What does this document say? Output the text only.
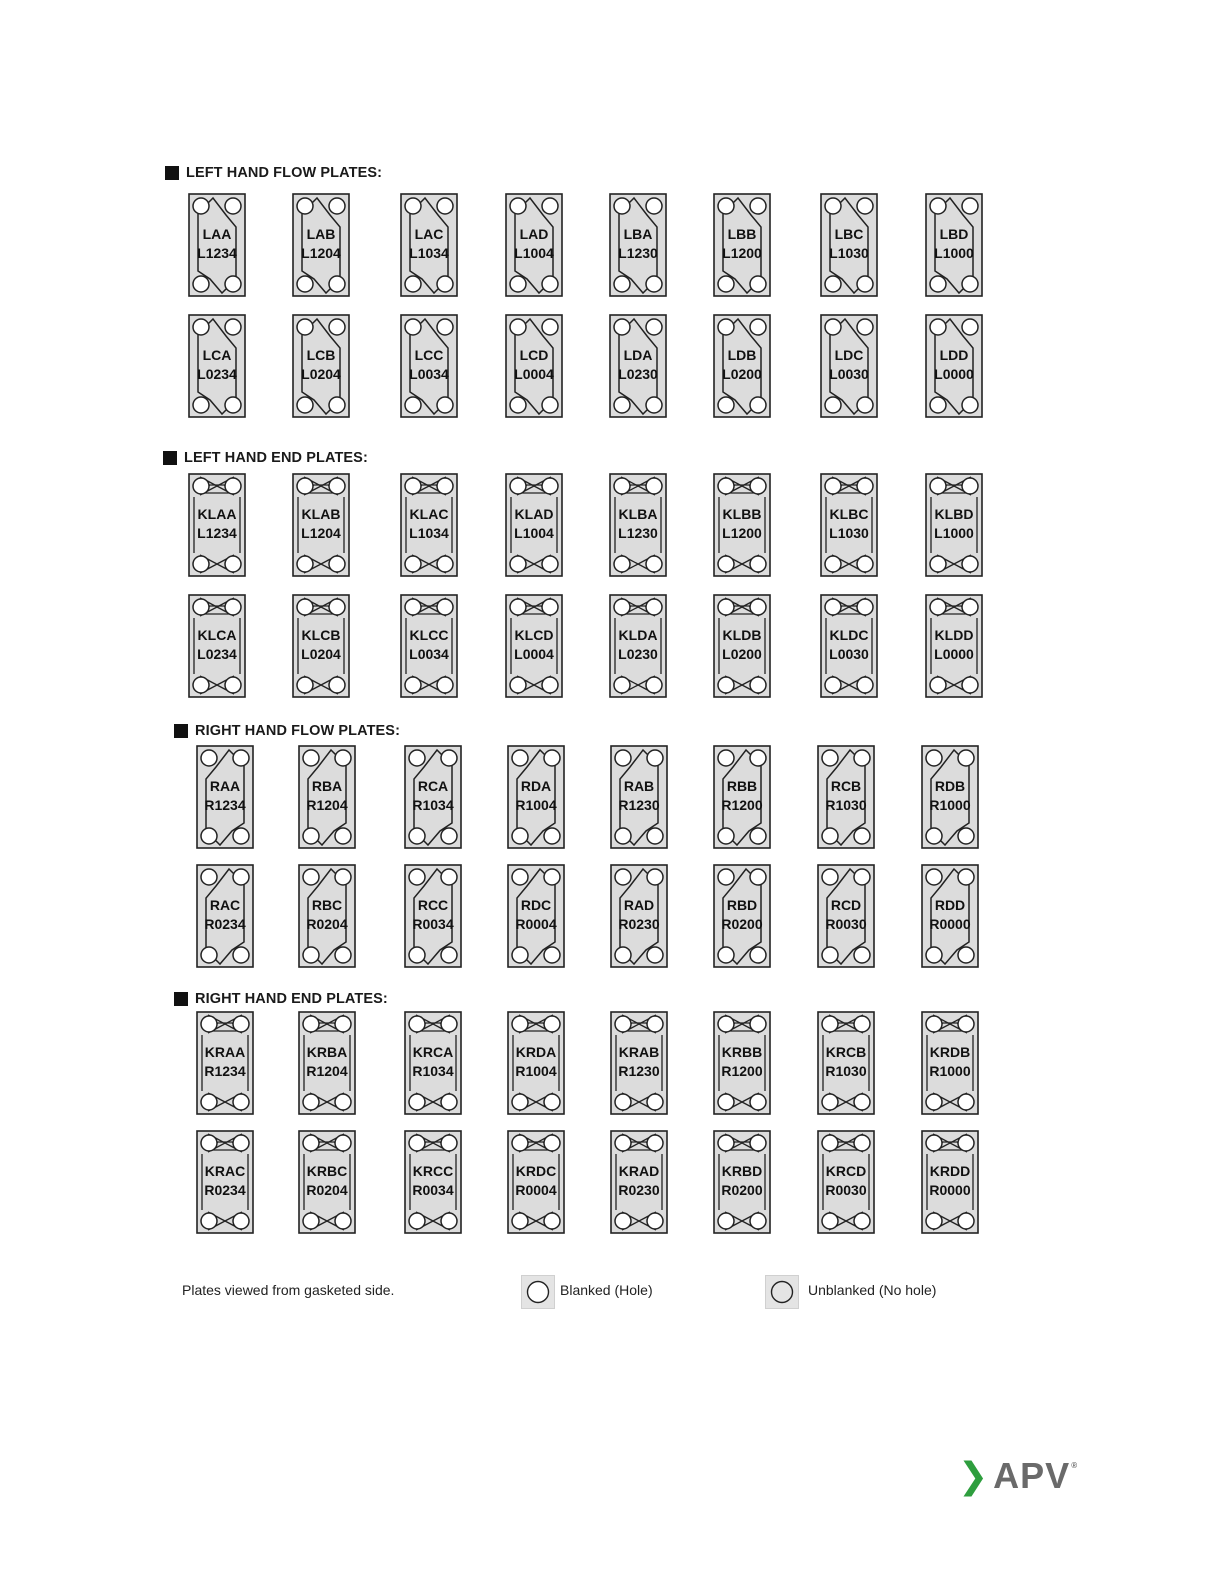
LEFT HAND FLOW PLATES:
LAA
L1234
LAB
L1204
LAC
L1034
LAD
L1004
LBA
L1230
LBB
L1200
LBC
L1030
LBD
L1000
LCA
L0234
LCB
L0204
LCC
L0034
LCD
L0004
LDA
L0230
LDB
L0200
LDC
L0030
LDD
L0000
LEFT HAND END PLATES:
KLAA
L1234
KLAB
L1204
KLAC
L1034
KLAD
L1004
KLBA
L1230
KLBB
L1200
KLBC
L1030
KLBD
L1000
KLCA
L0234
KLCB
L0204
KLCC
L0034
KLCD
L0004
KLDA
L0230
KLDB
L0200
KLDC
L0030
KLDD
L0000
RIGHT HAND FLOW PLATES:
RAA
R1234
RBA
R1204
RCA
R1034
RDA
R1004
RAB
R1230
RBB
R1200
RCB
R1030
RDB
R1000
RAC
R0234
RBC
R0204
RCC
R0034
RDC
R0004
RAD
R0230
RBD
R0200
RCD
R0030
RDD
R0000
RIGHT HAND END PLATES:
KRAA
R1234
KRBA
R1204
KRCA
R1034
KRDA
R1004
KRAB
R1230
KRBB
R1200
KRCB
R1030
KRDB
R1000
KRAC
R0234
KRBC
R0204
KRCC
R0034
KRDC
R0004
KRAD
R0230
KRBD
R0200
KRCD
R0030
KRDD
R0000
Plates viewed from gasketed side.	Blanked (Hole)	Unblanked (No hole)
❯ APV®
